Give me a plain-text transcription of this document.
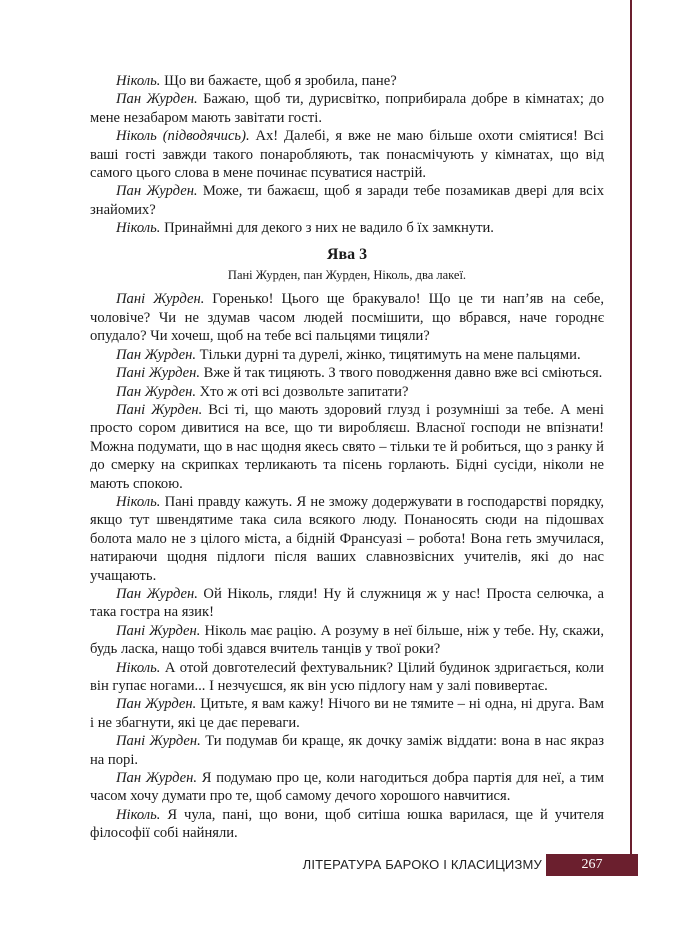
Ніколь. Що ви бажаєте, щоб я зробила, пане?

Пан Журден. Бажаю, щоб ти, дурисвітко, поприбирала добре в кімнатах; до мене незабаром мають завітати гості.

Ніколь (підводячись). Ах! Далебі, я вже не маю більше охоти сміятися! Всі ваші гості завжди такого понаробляють, так понасмічують у кімнатах, що від самого цього слова в мене починає псуватися настрій.

Пан Журден. Може, ти бажаєш, щоб я заради тебе позамикав двері для всіх знайомих?

Ніколь. Принаймні для декого з них не вадило б їх замкнути.

Ява 3

Пані Журден, пан Журден, Ніколь, два лакеї.

Пані Журден. Горенько! Цього ще бракувало! Що це ти нап’яв на себе, чоловіче? Чи не здумав часом людей посмішити, що вбрався, наче городнє опудало? Чи хочеш, щоб на тебе всі пальцями тицяли?

Пан Журден. Тільки дурні та дурелі, жінко, тицятимуть на мене пальцями.

Пані Журден. Вже й так тицяють. З твого поводження давно вже всі сміються.

Пан Журден. Хто ж оті всі дозвольте запитати?

Пані Журден. Всі ті, що мають здоровий глузд і розумніші за тебе. А мені просто сором дивитися на все, що ти виробляєш. Власної господи не впізнати! Можна подумати, що в нас щодня якесь свято – тільки те й робиться, що з ранку й до смерку на скрипках терликають та пісень горлають. Бідні сусіди, ніколи не мають спокою.

Ніколь. Пані правду кажуть. Я не зможу додержувати в господарстві порядку, якщо тут швендятиме така сила всякого люду. Понаносять сюди на підошвах болота мало не з цілого міста, а бідній Франсуазі – робота! Вона геть змучилася, натираючи щодня підлоги після ваших славнозвісних учителів, які до нас учащають.

Пан Журден. Ой Ніколь, гляди! Ну й служниця ж у нас! Проста селючка, а така гостра на язик!

Пані Журден. Ніколь має рацію. А розуму в неї більше, ніж у тебе. Ну, скажи, будь ласка, нащо тобі здався вчитель танців у твої роки?

Ніколь. А отой довготелесий фехтувальник? Цілий будинок здригається, коли він гупає ногами... І незчуєшся, як він усю підлогу нам у залі повивертає.

Пан Журден. Цитьте, я вам кажу! Нічого ви не тямите – ні одна, ні друга. Вам і не збагнути, які це дає переваги.

Пані Журден. Ти подумав би краще, як дочку заміж віддати: вона в нас якраз на порі.

Пан Журден. Я подумаю про це, коли нагодиться добра партія для неї, а тим часом хочу думати про те, щоб самому дечого хорошого навчитися.

Ніколь. Я чула, пані, що вони, щоб ситіша юшка варилася, ще й учителя філософії собі найняли.

ЛІТЕРАТУРА БАРОКО І КЛАСИЦИЗМУ	267
